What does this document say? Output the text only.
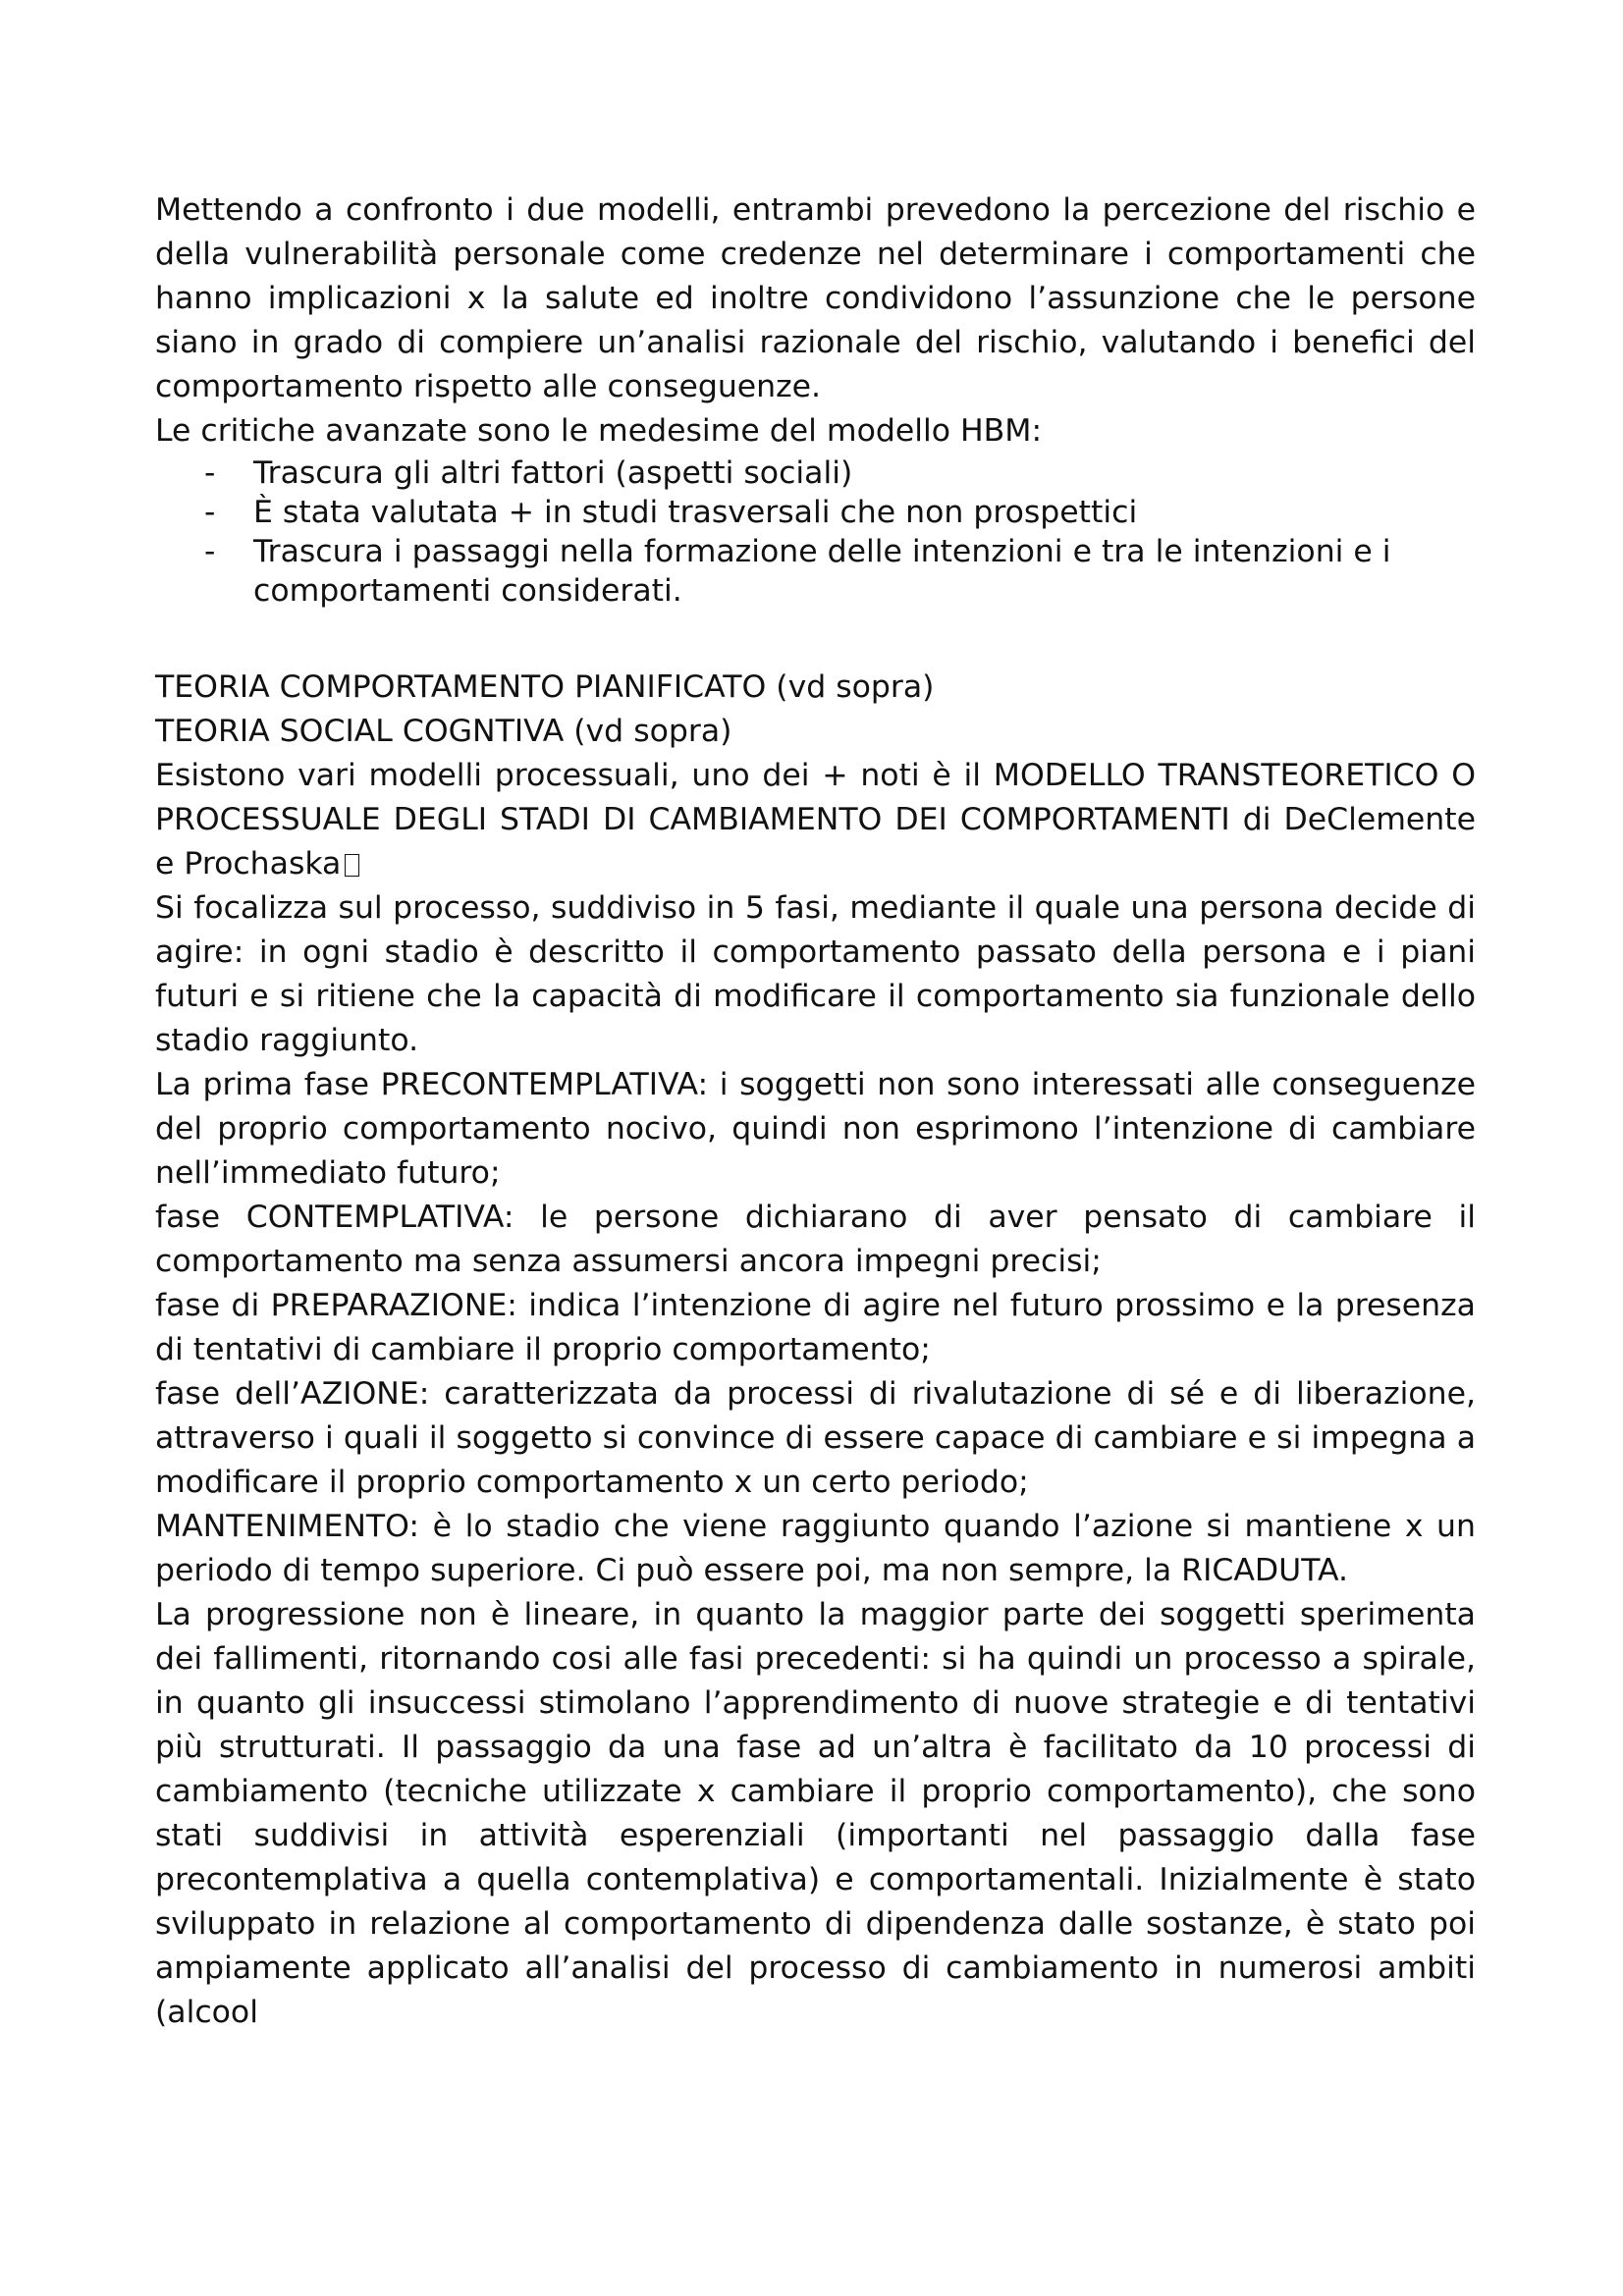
Mettendo a confronto i due modelli, entrambi prevedono la percezione del rischio e della vulnerabilità personale come credenze nel determinare i comportamenti che hanno implicazioni x la salute ed inoltre condividono l’assunzione che le persone siano in grado di compiere un’analisi razionale del rischio, valutando i benefici del comportamento rispetto alle conseguenze.

Le critiche avanzate sono le medesime del modello HBM:

- Trascura gli altri fattori (aspetti sociali)
- È stata valutata + in studi trasversali che non prospettici
- Trascura i passaggi nella formazione delle intenzioni e tra le intenzioni e i comportamenti considerati.

TEORIA COMPORTAMENTO PIANIFICATO (vd sopra)

TEORIA SOCIAL COGNTIVA (vd sopra)

Esistono vari modelli processuali, uno dei + noti è il MODELLO TRANSTEORETICO O PROCESSUALE DEGLI STADI DI CAMBIAMENTO DEI COMPORTAMENTI di DeClemente e Prochaska

Si focalizza sul processo, suddiviso in 5 fasi, mediante il quale una persona decide di agire: in ogni stadio è descritto il comportamento passato della persona e i piani futuri e si ritiene che la capacità di modificare il comportamento sia funzionale dello stadio raggiunto.

La prima fase PRECONTEMPLATIVA: i soggetti non sono interessati alle conseguenze del proprio comportamento nocivo, quindi non esprimono l’intenzione di cambiare nell’immediato futuro;

fase CONTEMPLATIVA: le persone dichiarano di aver pensato di cambiare il comportamento ma senza assumersi ancora impegni precisi;

fase di PREPARAZIONE: indica l’intenzione di agire nel futuro prossimo e la presenza di tentativi di cambiare il proprio comportamento;

fase dell’AZIONE: caratterizzata da processi di rivalutazione di sé e di liberazione, attraverso i quali il soggetto si convince di essere capace di cambiare e si impegna a modificare il proprio comportamento x un certo periodo;

MANTENIMENTO: è lo stadio che viene raggiunto quando l’azione si mantiene x un periodo di tempo superiore. Ci può essere poi, ma non sempre, la RICADUTA.

La progressione non è lineare, in quanto la maggior parte dei soggetti sperimenta dei fallimenti, ritornando cosi alle fasi precedenti: si ha quindi un processo a spirale, in quanto gli insuccessi stimolano l’apprendimento di nuove strategie e di tentativi più strutturati. Il passaggio da una fase ad un’altra è facilitato da 10 processi di cambiamento (tecniche utilizzate x cambiare il proprio comportamento), che sono stati suddivisi in attività esperenziali (importanti nel passaggio dalla fase precontemplativa a quella contemplativa) e comportamentali. Inizialmente è stato sviluppato in relazione al comportamento di dipendenza dalle sostanze, è stato poi ampiamente applicato all’analisi del processo di cambiamento in numerosi ambiti (alcool
